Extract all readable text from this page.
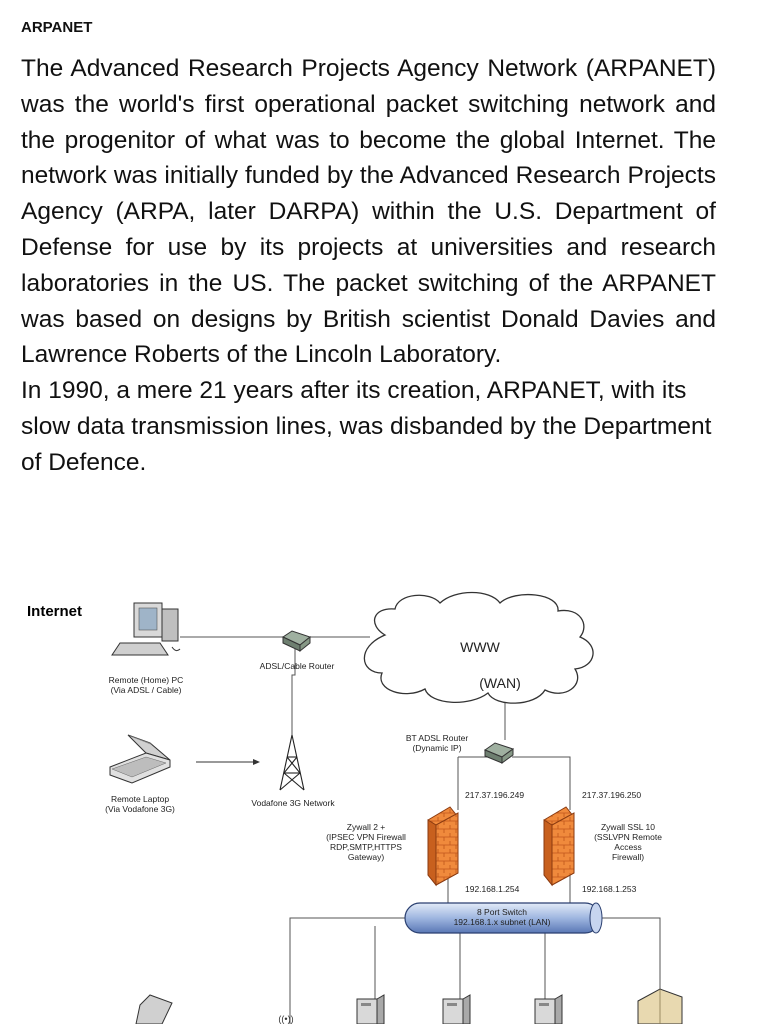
ARPANET

The Advanced Research Projects Agency Network (ARPANET) was the world's first operational packet switching network and the progenitor of what was to become the global Internet. The network was initially funded by the Advanced Research Projects Agency (ARPA, later DARPA) within the U.S. Department of Defense for use by its projects at universities and research laboratories in the US. The packet switching of the ARPANET was based on designs by British scientist Donald Davies and Lawrence Roberts of the Lincoln Laboratory.

In 1990, a mere 21 years after its creation, ARPANET, with its slow data transmission lines, was disbanded by the Department of Defence.

Internet
WWW
(WAN)
Remote (Home) PC
(Via ADSL / Cable)
ADSL/Cable Router
Remote Laptop
(Via Vodafone 3G)
Vodafone 3G Network
BT ADSL Router
(Dynamic IP)
217.37.196.249	217.37.196.250
Zywall 2 +
(IPSEC VPN Firewall
RDP,SMTP,HTTPS
Gateway)
Zywall SSL 10
(SSLVPN Remote
Access
Firewall)
192.168.1.254	192.168.1.253
8 Port Switch
192.168.1.x subnet (LAN)
((•))
